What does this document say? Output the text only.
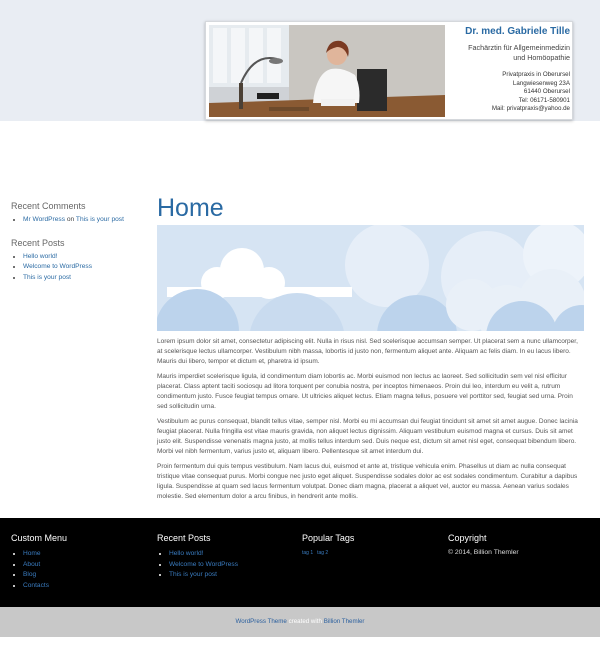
Dr. med. Gabriele Tille
Fachärztin für Allgemeinmedizin
und Homöopathie
Privatpraxis in Oberursel
Langwiesenweg 23A
61440 Oberursel
Tel: 06171-580901
Mail: privatpraxis@yahoo.de
Recent Comments
• Mr WordPress on This is your post
Recent Posts
• Hello world!
• Welcome to WordPress
• This is your post
Home

Lorem ipsum dolor sit amet, consectetur adipiscing elit. Nulla in risus nisl. Sed scelerisque accumsan semper. Ut placerat sem a nunc ullamcorper, at scelerisque lectus ullamcorper. Vestibulum nibh massa, lobortis id justo non, fermentum aliquet ante. Aliquam ac felis diam. In eu lacus libero. Mauris dui libero, tempor et dictum et, pharetra id ipsum.

Mauris imperdiet scelerisque ligula, id condimentum diam lobortis ac. Morbi euismod non lectus ac laoreet. Sed sollicitudin sem vel nisl efficitur placerat. Class aptent taciti sociosqu ad litora torquent per conubia nostra, per inceptos himenaeos. Proin dui leo, interdum eu velit a, rutrum condimentum justo. Fusce feugiat tempus ornare. Ut ultricies aliquet lectus. Etiam magna tellus, posuere vel porttitor sed, feugiat sed urna. Proin sed sollicitudin urna.

Vestibulum ac purus consequat, blandit tellus vitae, semper nisl. Morbi eu mi accumsan dui feugiat tincidunt sit amet sit amet augue. Donec lacinia feugiat placerat. Nulla fringilla est vitae mauris gravida, non aliquet lectus dignissim. Aliquam vestibulum euismod magna et cursus. Duis sit amet justo elit. Suspendisse venenatis magna justo, at mollis tellus interdum sed. Duis neque est, dictum sit amet nisl eget, consequat bibendum libero. Morbi vel nibh fermentum, varius justo et, aliquam libero. Pellentesque sit amet interdum dui.

Proin fermentum dui quis tempus vestibulum. Nam lacus dui, euismod et ante at, tristique vehicula enim. Phasellus ut diam ac nulla consequat tristique vitae consequat purus. Morbi congue nec justo eget aliquet. Suspendisse sodales dolor ac est sodales condimentum. Curabitur a dapibus ligula. Suspendisse at quam sed lacus fermentum volutpat. Donec diam magna, placerat a aliquet vel, auctor eu massa. Aenean varius sodales molestie. Sed elementum dolor a arcu finibus, in hendrerit ante mollis.

Custom Menu
• Home
• About
• Blog
• Contacts
Recent Posts
• Hello world!
• Welcome to WordPress
• This is your post
Popular Tags
tag 1 tag 2
Copyright
© 2014, Billion Themler
WordPress Theme created with Billion Themler
